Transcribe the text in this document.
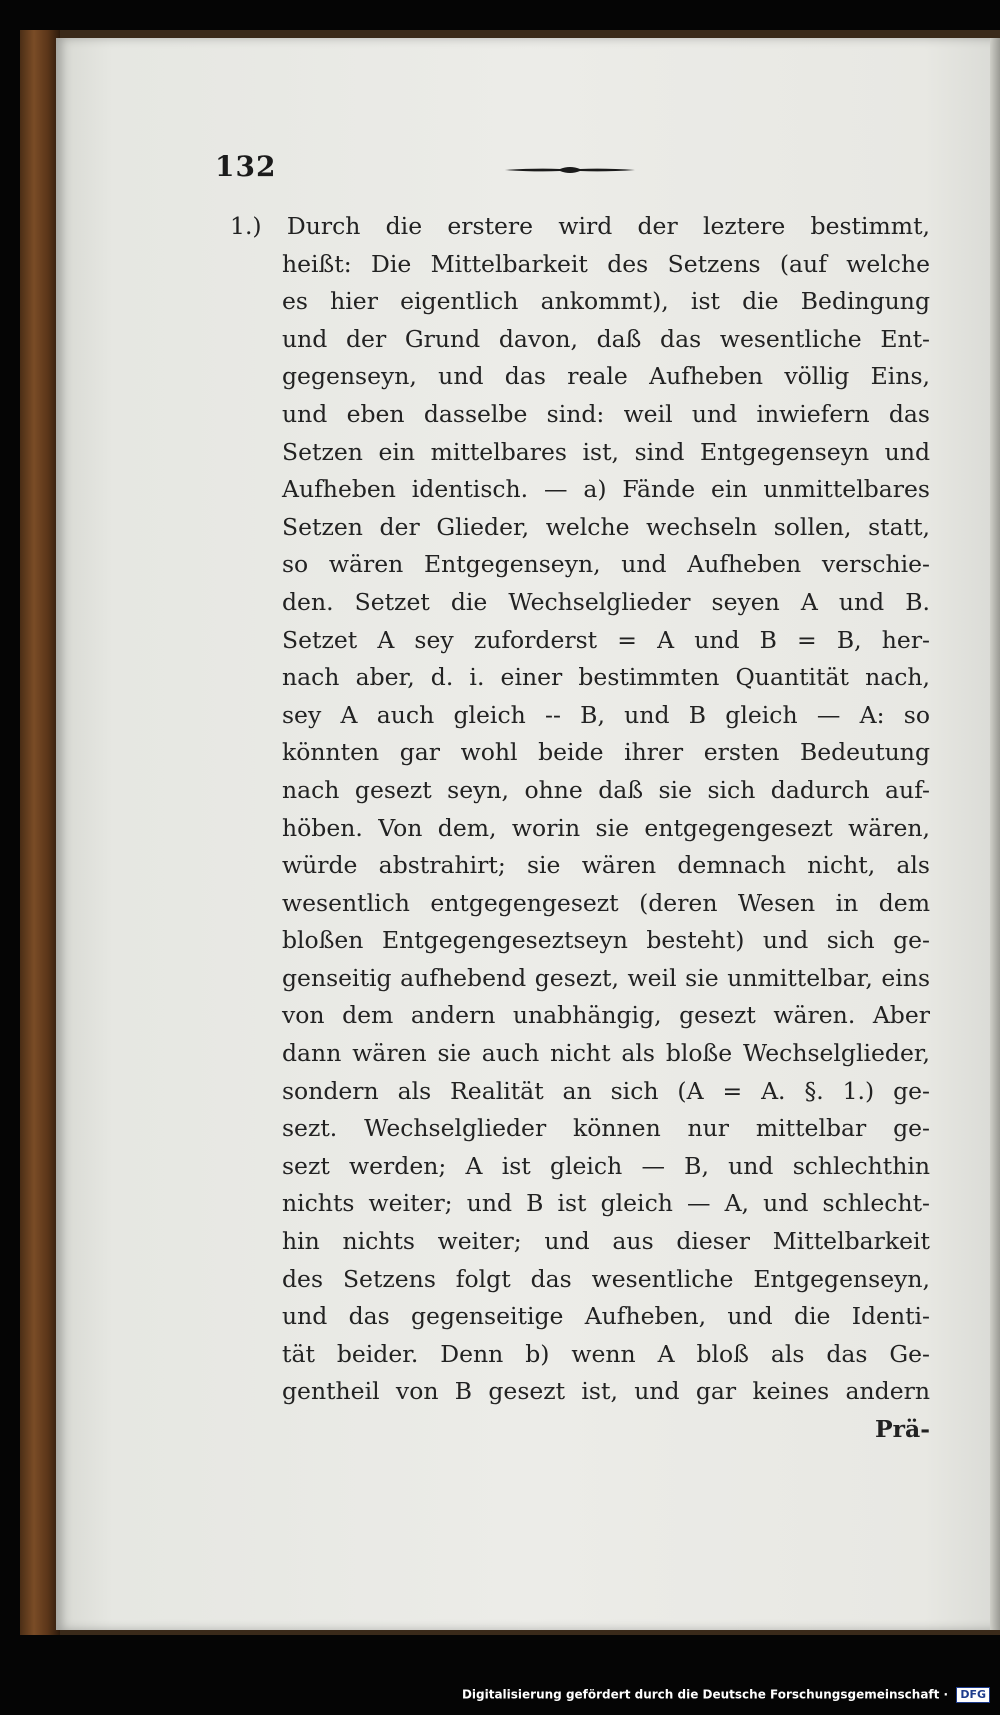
132
1.) Durch die erstere wird der leztere bestimmt,
heißt: Die Mittelbarkeit des Setzens (auf welche
es hier eigentlich ankommt), ist die Bedingung
und der Grund davon, daß das wesentliche Ent-
gegenseyn, und das reale Aufheben völlig Eins,
und eben dasselbe sind: weil und inwiefern das
Setzen ein mittelbares ist, sind Entgegenseyn und
Aufheben identisch. — a) Fände ein unmittelbares
Setzen der Glieder, welche wechseln sollen, statt,
so wären Entgegenseyn, und Aufheben verschie-
den. Setzet die Wechselglieder seyen A und B.
Setzet A sey zuforderst = A und B = B, her-
nach aber, d. i. einer bestimmten Quantität nach,
sey A auch gleich -- B, und B gleich — A: so
könnten gar wohl beide ihrer ersten Bedeutung
nach gesezt seyn, ohne daß sie sich dadurch auf-
höben. Von dem, worin sie entgegengesezt wären,
würde abstrahirt; sie wären demnach nicht, als
wesentlich entgegengesezt (deren Wesen in dem
bloßen Entgegengeseztseyn besteht) und sich ge-
genseitig aufhebend gesezt, weil sie unmittelbar, eins
von dem andern unabhängig, gesezt wären. Aber
dann wären sie auch nicht als bloße Wechselglieder,
sondern als Realität an sich (A = A. §. 1.) ge-
sezt. Wechselglieder können nur mittelbar ge-
sezt werden; A ist gleich — B, und schlechthin
nichts weiter; und B ist gleich — A, und schlecht-
hin nichts weiter; und aus dieser Mittelbarkeit
des Setzens folgt das wesentliche Entgegenseyn,
und das gegenseitige Aufheben, und die Identi-
tät beider. Denn b) wenn A bloß als das Ge-
gentheil von B gesezt ist, und gar keines andern
Prä-
Digitalisierung gefördert durch die Deutsche Forschungsgemeinschaft · DFG
